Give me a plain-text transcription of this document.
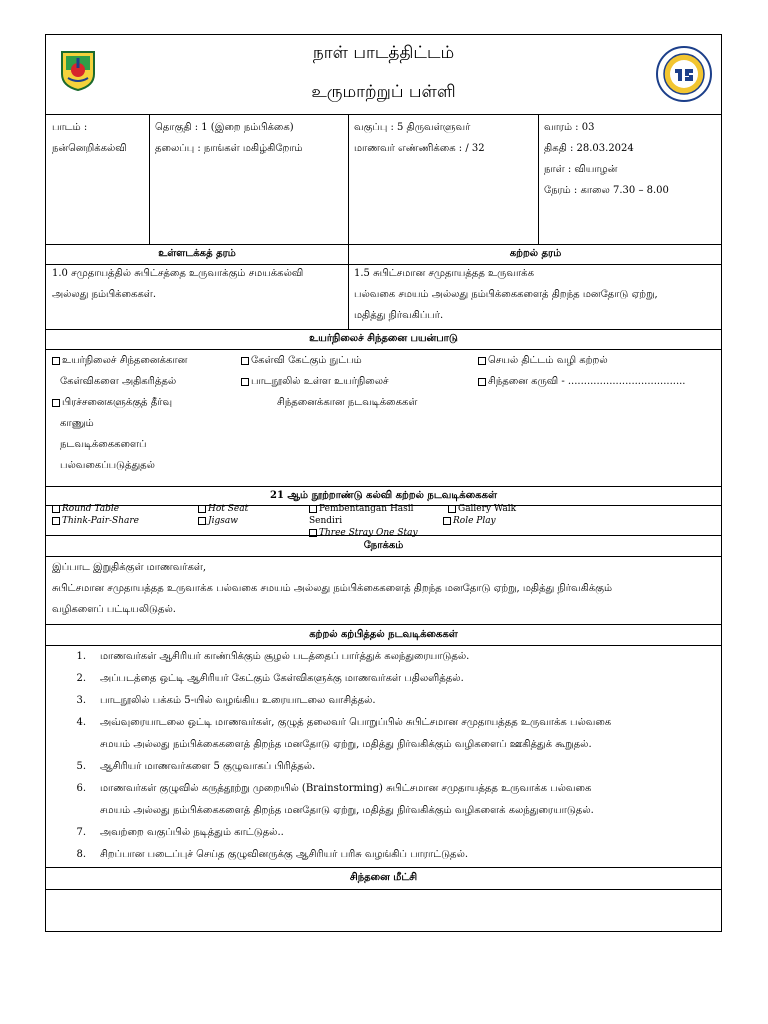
நாள் பாடத்திட்டம்
உருமாற்றுப் பள்ளி
பாடம் :
நன்னெறிக்கல்வி
தொகுதி : 1 (இறை நம்பிக்கை)
தலைப்பு : நாங்கள் மகிழ்கிறோம்
வகுப்பு : 5 திருவள்ளுவர்
மாணவர் எண்ணிக்கை : / 32
வாரம் : 03
திகதி : 28.03.2024
நாள் : வியாழன்
நேரம் : காலை 7.30 – 8.00
உள்ளடக்கத் தரம்	கற்றல் தரம்
1.0 சமுதாயத்தில் சுபிட்சத்தை உருவாக்கும் சமயக்கல்வி
அல்லது நம்பிக்கைகள்.
1.5 சுபிட்சமான சமுதாயத்தத உருவாக்க
பல்வகை சமயம் அல்லது நம்பிக்கைகளைத் திறந்த மனதோடு ஏற்று,
மதித்து நிர்வகிப்பர்.
உயர்நிலைச் சிந்தனை பயன்பாடு
உயர்நிலைச் சிந்தனைக்கான
கேள்விகளை அதிகரித்தல்
பிரச்சனைகளுக்குத் தீர்வு
காணும்
நடவடிக்கைகளைப்
பல்வகைப்படுத்துதல்
கேள்வி கேட்கும் நுட்பம்
பாடநூலில் உள்ள உயர்நிலைச்
சிந்தனைக்கான நடவடிக்கைகள்
செயல் திட்டம் வழி கற்றல்
சிந்தனை கருவி - .....................................
21 ஆம் நூற்றாண்டு கல்வி கற்றல் நடவடிக்கைகள்
Round Table
Think-Pair-Share
Hot Seat
Jigsaw
Pembentangan Hasil Sendiri
Three Stray One Stay
Gallery Walk
Role Play
நோக்கம்
இப்பாட இறுதிக்குள் மாணவர்கள்,
சுபிட்சமான சமுதாயத்தத உருவாக்க பல்வகை சமயம் அல்லது நம்பிக்கைகளைத் திறந்த மனதோடு ஏற்று, மதித்து நிர்வகிக்கும்
வழிகளைப் பட்டியலிடுதல்.
கற்றல் கற்பித்தல் நடவடிக்கைகள்
1. மாணவர்கள் ஆசிரியர் காண்பிக்கும் சூழல் படத்தைப் பார்த்துக் கலந்துரையாடுதல்.
2. அப்படத்தை ஒட்டி ஆசிரியர் கேட்கும் கேள்விகளுக்கு மாணவர்கள் பதிலளித்தல்.
3. பாடநூலில் பக்கம் 5-யில் வழங்கிய உரையாடலை வாசித்தல்.
4. அவ்வுரையாடலை ஒட்டி மாணவர்கள், குழுத் தலைவர் பொறுப்பில் சுபிட்சமான சமுதாயத்தத உருவாக்க பல்வகை
சமயம் அல்லது நம்பிக்கைகளைத் திறந்த மனதோடு ஏற்று, மதித்து நிர்வகிக்கும் வழிகளைப் ஊகித்துக் கூறுதல்.
5. ஆசிரியர் மாணவர்களை 5 குழுவாகப் பிரித்தல்.
6. மாணவர்கள் குழுவில் கருத்தூற்று முறையில் (Brainstorming) சுபிட்சமான சமுதாயத்தத உருவாக்க பல்வகை
சமயம் அல்லது நம்பிக்கைகளைத் திறந்த மனதோடு ஏற்று, மதித்து நிர்வகிக்கும் வழிகளைக் கலந்துரையாடுதல்.
7. அவற்றை வகுப்பில் நடித்தும் காட்டுதல்..
8. சிறப்பான படைப்புச் செய்த குழுவினருக்கு ஆசிரியர் பரிசு வழங்கிப் பாராட்டுதல்.
சிந்தனை மீட்சி
